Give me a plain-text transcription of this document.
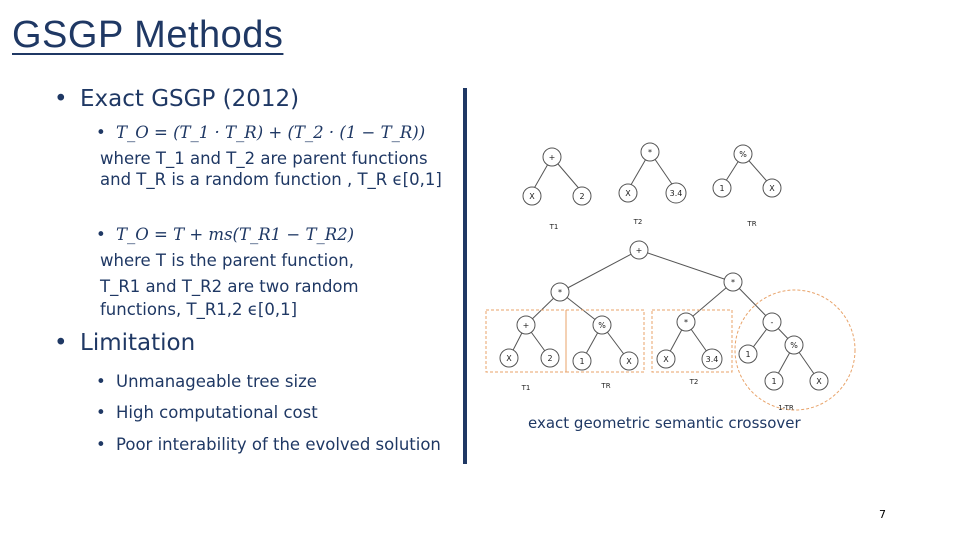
GSGP Methods
• Exact GSGP (2012)
• T_O = (T_1 · T_R) + (T_2 · (1 − T_R))
where T_1 and T_2 are parent functions
and T_R is a random function , T_R ϵ[0,1]
• T_O = T + ms(T_R1 − T_R2)
where T is the parent function,
T_R1 and T_R2 are two random
functions, T_R1,2 ϵ[0,1]
• Limitation
• Unmanageable tree size
• High computational cost
• Poor interability of the evolved solution
+
X	2
*
X	3.4
%
1	X
T1
T2	TR
+
*
*
+	%	*	-
X	2	1	X	X	3.4
1
%
1	X
T1	TR	T2
1-TR
exact geometric semantic crossover
7
